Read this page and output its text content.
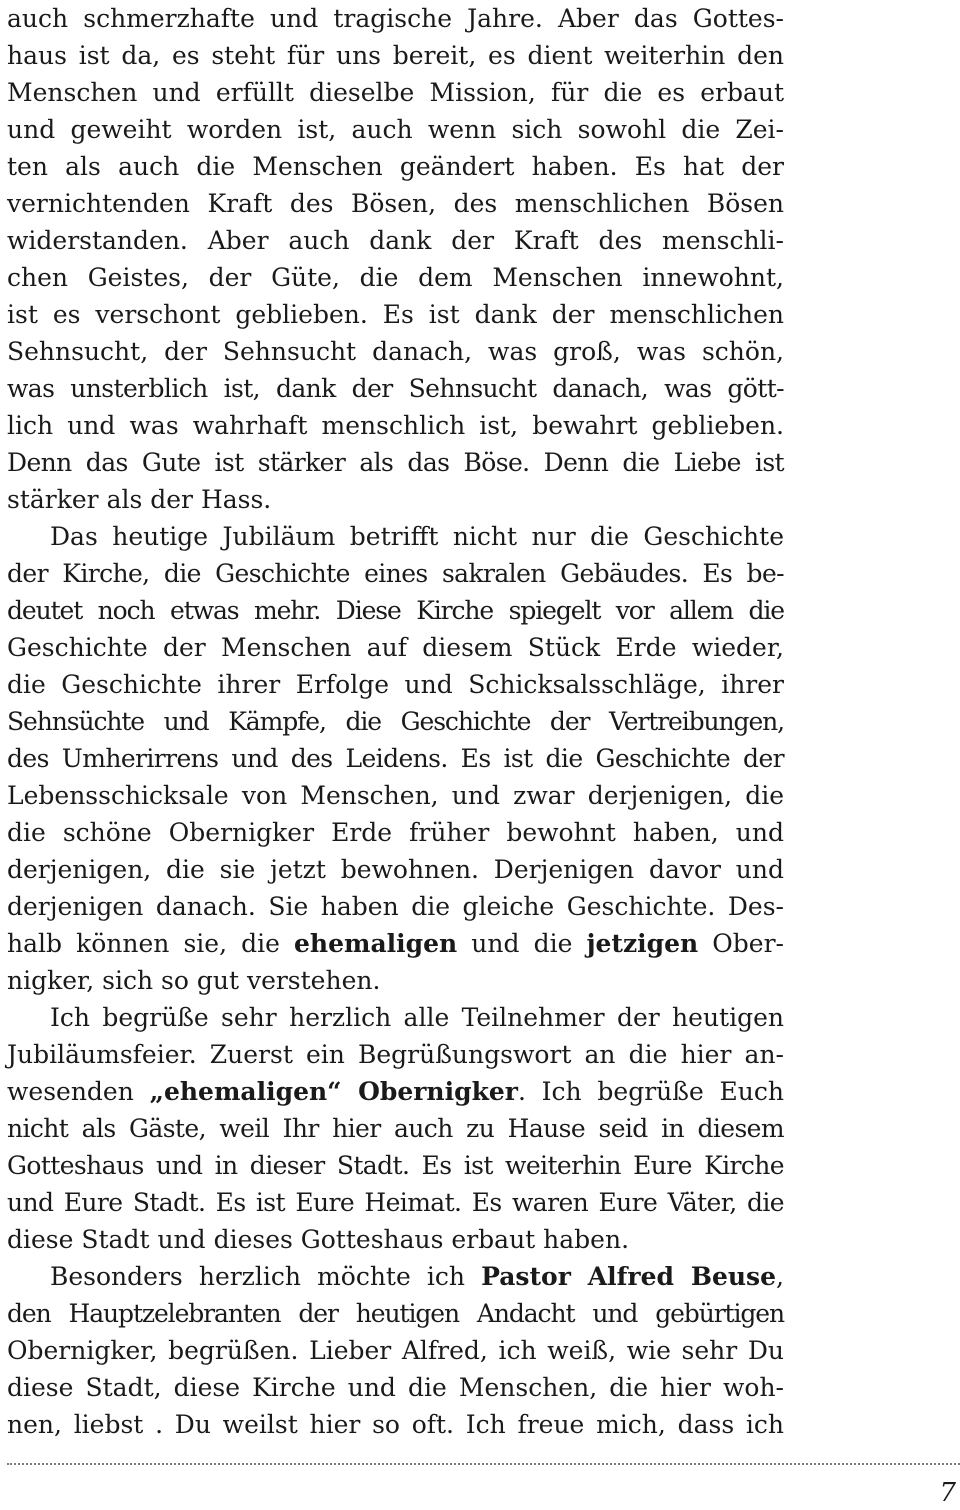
auch schmerzhafte und tragische Jahre. Aber das Gottes-
haus ist da, es steht für uns bereit, es dient weiterhin den
Menschen und erfüllt dieselbe Mission, für die es erbaut
und geweiht worden ist, auch wenn sich sowohl die Zei-
ten als auch die Menschen geändert haben. Es hat der
vernichtenden Kraft des Bösen, des menschlichen Bösen
widerstanden. Aber auch dank der Kraft des menschli-
chen Geistes, der Güte, die dem Menschen innewohnt,
ist es verschont geblieben. Es ist dank der menschlichen
Sehnsucht, der Sehnsucht danach, was groß, was schön,
was unsterblich ist, dank der Sehnsucht danach, was gött-
lich und was wahrhaft menschlich ist, bewahrt geblieben.
Denn das Gute ist stärker als das Böse. Denn die Liebe ist
stärker als der Hass.
Das heutige Jubiläum betrifft nicht nur die Geschichte
der Kirche, die Geschichte eines sakralen Gebäudes. Es be-
deutet noch etwas mehr. Diese Kirche spiegelt vor allem die
Geschichte der Menschen auf diesem Stück Erde wieder,
die Geschichte ihrer Erfolge und Schicksalsschläge, ihrer
Sehnsüchte und Kämpfe, die Geschichte der Vertreibungen,
des Umherirrens und des Leidens. Es ist die Geschichte der
Lebensschicksale von Menschen, und zwar derjenigen, die
die schöne Obernigker Erde früher bewohnt haben, und
derjenigen, die sie jetzt bewohnen. Derjenigen davor und
derjenigen danach. Sie haben die gleiche Geschichte. Des-
halb können sie, die ehemaligen und die jetzigen Ober-
nigker, sich so gut verstehen.
Ich begrüße sehr herzlich alle Teilnehmer der heutigen
Jubiläumsfeier. Zuerst ein Begrüßungswort an die hier an-
wesenden „ehemaligen“ Obernigker. Ich begrüße Euch
nicht als Gäste, weil Ihr hier auch zu Hause seid in diesem
Gotteshaus und in dieser Stadt. Es ist weiterhin Eure Kirche
und Eure Stadt. Es ist Eure Heimat. Es waren Eure Väter, die
diese Stadt und dieses Gotteshaus erbaut haben.
Besonders herzlich möchte ich Pastor Alfred Beuse,
den Hauptzelebranten der heutigen Andacht und gebürtigen
Obernigker, begrüßen. Lieber Alfred, ich weiß, wie sehr Du
diese Stadt, diese Kirche und die Menschen, die hier woh-
nen, liebst . Du weilst hier so oft. Ich freue mich, dass ich
7
